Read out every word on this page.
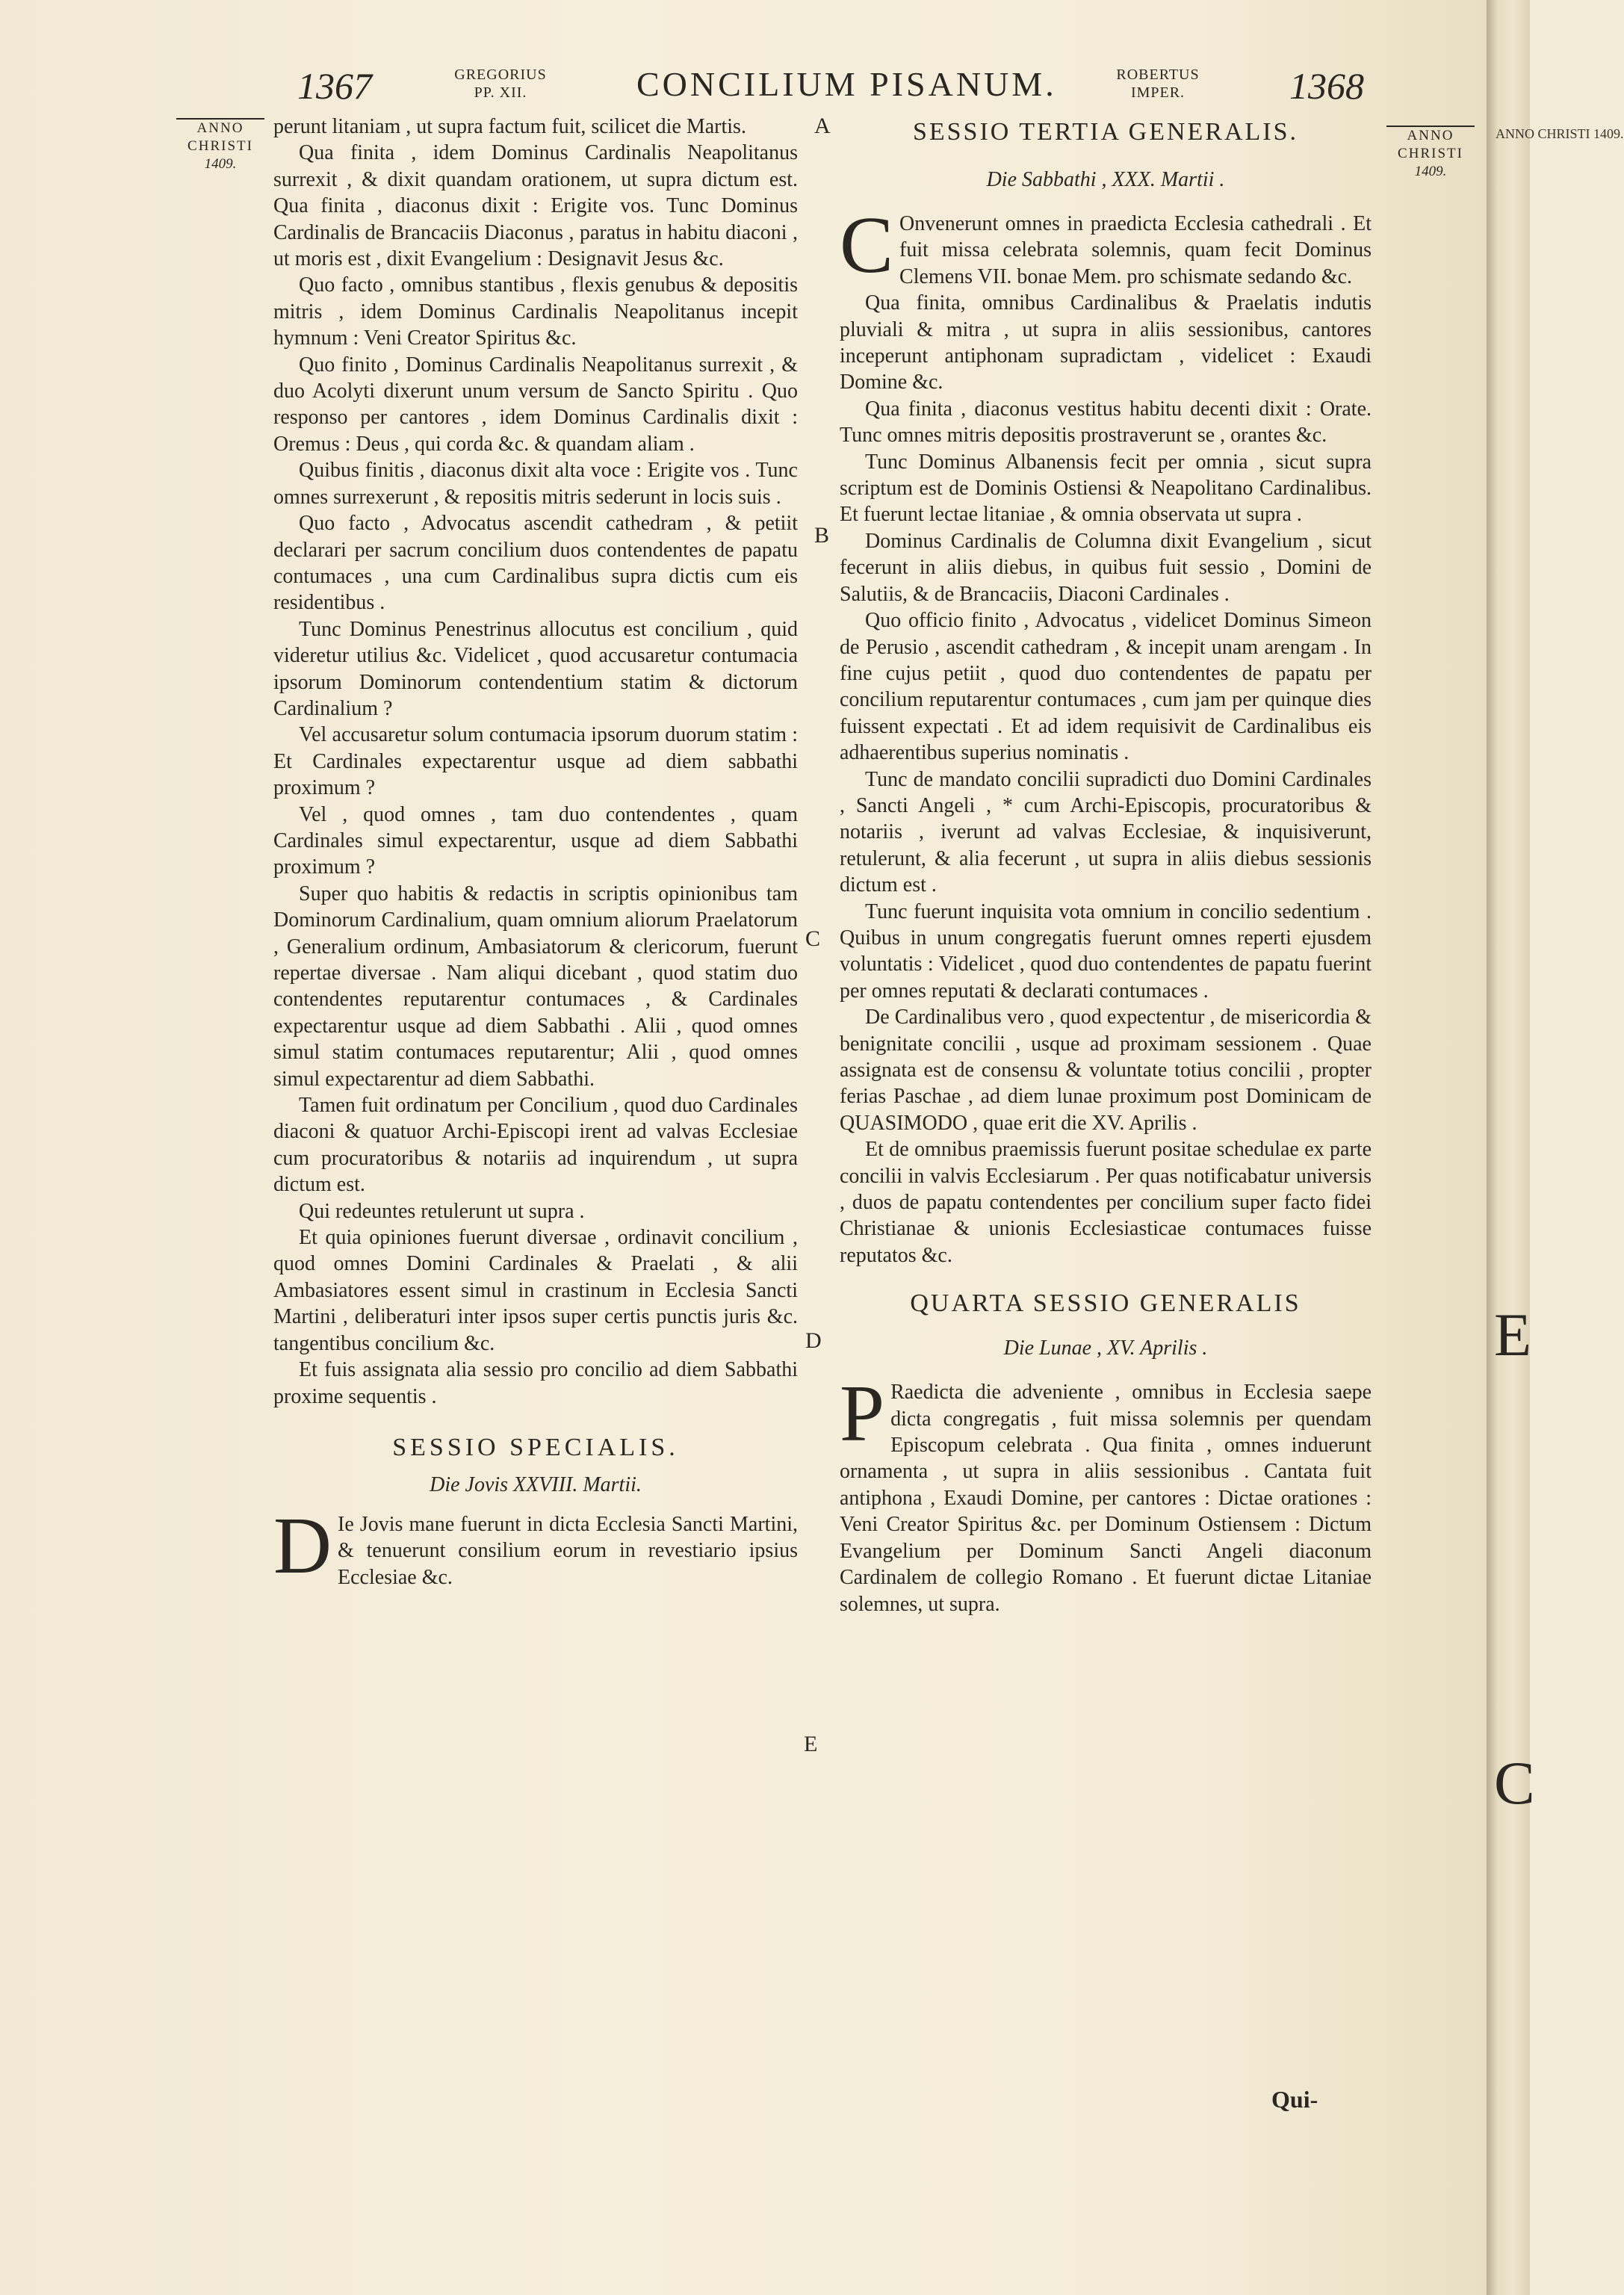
1367	GREGORIUS
PP. XII.	CONCILIUM PISANUM.	ROBERTUS
IMPER.	1368
ANNO
CHRISTI
1409.
ANNO
CHRISTI
1409.
A
B
C
D
E

perunt litaniam , ut supra factum fuit, scilicet die Martis.

Qua finita , idem Dominus Cardinalis Neapolitanus surrexit , & dixit quandam orationem, ut supra dictum est. Qua finita , diaconus dixit : Erigite vos. Tunc Dominus Cardinalis de Brancaciis Diaconus , paratus in habitu diaconi , ut moris est , dixit Evangelium : Designavit Jesus &c.

Quo facto , omnibus stantibus , flexis genubus & depositis mitris , idem Dominus Cardinalis Neapolitanus incepit hymnum : Veni Creator Spiritus &c.

Quo finito , Dominus Cardinalis Neapolitanus surrexit , & duo Acolyti dixerunt unum versum de Sancto Spiritu . Quo responso per cantores , idem Dominus Cardinalis dixit : Oremus : Deus , qui corda &c. & quandam aliam .

Quibus finitis , diaconus dixit alta voce : Erigite vos . Tunc omnes surrexerunt , & repositis mitris sederunt in locis suis .

Quo facto , Advocatus ascendit cathedram , & petiit declarari per sacrum concilium duos contendentes de papatu contumaces , una cum Cardinalibus supra dictis cum eis residentibus .

Tunc Dominus Penestrinus allocutus est concilium , quid videretur utilius &c. Videlicet , quod accusaretur contumacia ipsorum Dominorum contendentium statim & dictorum Cardinalium ?

Vel accusaretur solum contumacia ipsorum duorum statim : Et Cardinales expectarentur usque ad diem sabbathi proximum ?

Vel , quod omnes , tam duo contendentes , quam Cardinales simul expectarentur, usque ad diem Sabbathi proximum ?

Super quo habitis & redactis in scriptis opinionibus tam Dominorum Cardinalium, quam omnium aliorum Praelatorum , Generalium ordinum, Ambasiatorum & clericorum, fuerunt repertae diversae . Nam aliqui dicebant , quod statim duo contendentes reputarentur contumaces , & Cardinales expectarentur usque ad diem Sabbathi . Alii , quod omnes simul statim contumaces reputarentur; Alii , quod omnes simul expectarentur ad diem Sabbathi.

Tamen fuit ordinatum per Concilium , quod duo Cardinales diaconi & quatuor Archi-Episcopi irent ad valvas Ecclesiae cum procuratoribus & notariis ad inquirendum , ut supra dictum est.

Qui redeuntes retulerunt ut supra .

Et quia opiniones fuerunt diversae , ordinavit concilium , quod omnes Domini Cardinales & Praelati , & alii Ambasiatores essent simul in crastinum in Ecclesia Sancti Martini , deliberaturi inter ipsos super certis punctis juris &c. tangentibus concilium &c.

Et fuis assignata alia sessio pro concilio ad diem Sabbathi proxime sequentis .

SESSIO SPECIALIS.
Die Jovis XXVIII. Martii.

D Ie Jovis mane fuerunt in dicta Ecclesia Sancti Martini, & tenuerunt consilium eorum in revestiario ipsius Ecclesiae &c.

SESSIO TERTIA GENERALIS.
Die Sabbathi , XXX. Martii .

C Onvenerunt omnes in praedicta Ecclesia cathedrali . Et fuit missa celebrata solemnis, quam fecit Dominus Clemens VII. bonae Mem. pro schismate sedando &c.

Qua finita, omnibus Cardinalibus & Praelatis indutis pluviali & mitra , ut supra in aliis sessionibus, cantores inceperunt antiphonam supradictam , videlicet : Exaudi Domine &c.

Qua finita , diaconus vestitus habitu decenti dixit : Orate. Tunc omnes mitris depositis prostraverunt se , orantes &c.

Tunc Dominus Albanensis fecit per omnia , sicut supra scriptum est de Dominis Ostiensi & Neapolitano Cardinalibus. Et fuerunt lectae litaniae , & omnia observata ut supra .

Dominus Cardinalis de Columna dixit Evangelium , sicut fecerunt in aliis diebus, in quibus fuit sessio , Domini de Salutiis, & de Brancaciis, Diaconi Cardinales .

Quo officio finito , Advocatus , videlicet Dominus Simeon de Perusio , ascendit cathedram , & incepit unam arengam . In fine cujus petiit , quod duo contendentes de papatu per concilium reputarentur contumaces , cum jam per quinque dies fuissent expectati . Et ad idem requisivit de Cardinalibus eis adhaerentibus superius nominatis .

Tunc de mandato concilii supradicti duo Domini Cardinales , Sancti Angeli , * cum Archi-Episcopis, procuratoribus & notariis , iverunt ad valvas Ecclesiae, & inquisiverunt, retulerunt, & alia fecerunt , ut supra in aliis diebus sessionis dictum est .

Tunc fuerunt inquisita vota omnium in concilio sedentium . Quibus in unum congregatis fuerunt omnes reperti ejusdem voluntatis : Videlicet , quod duo contendentes de papatu fuerint per omnes reputati & declarati contumaces .

De Cardinalibus vero , quod expectentur , de misericordia & benignitate concilii , usque ad proximam sessionem . Quae assignata est de consensu & voluntate totius concilii , propter ferias Paschae , ad diem lunae proximum post Dominicam de QUASIMODO , quae erit die XV. Aprilis .

Et de omnibus praemissis fuerunt positae schedulae ex parte concilii in valvis Ecclesiarum . Per quas notificabatur universis , duos de papatu contendentes per concilium super facto fidei Christianae & unionis Ecclesiasticae contumaces fuisse reputatos &c.

QUARTA SESSIO GENERALIS
Die Lunae , XV. Aprilis .

P Raedicta die adveniente , omnibus in Ecclesia saepe dicta congregatis , fuit missa solemnis per quendam Episcopum celebrata . Qua finita , omnes induerunt ornamenta , ut supra in aliis sessionibus . Cantata fuit antiphona , Exaudi Domine, per cantores : Dictae orationes : Veni Creator Spiritus &c. per Dominum Ostiensem : Dictum Evangelium per Dominum Sancti Angeli diaconum Cardinalem de collegio Romano . Et fuerunt dictae Litaniae solemnes, ut supra.

Qui-
ANNO CHRISTI 1409.
E
C
